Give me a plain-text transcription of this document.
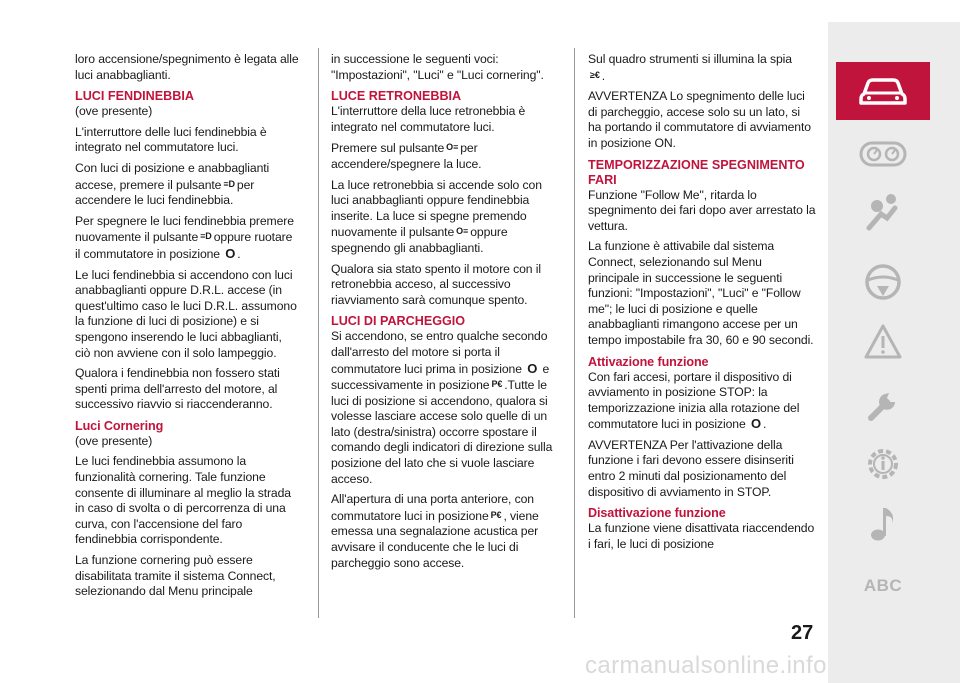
loro accensione/spegnimento è legata alle luci anabbaglianti.

LUCI FENDINEBBIA

(ove presente)

L'interruttore delle luci fendinebbia è integrato nel commutatore luci.

Con luci di posizione e anabbaglianti accese, premere il pulsante ≡D per accendere le luci fendinebbia.

Per spegnere le luci fendinebbia premere nuovamente il pulsante ≡D oppure ruotare il commutatore in posizione O .

Le luci fendinebbia si accendono con luci anabbaglianti oppure D.R.L. accese (in quest'ultimo caso le luci D.R.L. assumono la funzione di luci di posizione) e si spengono inserendo le luci abbaglianti, ciò non avviene con il solo lampeggio.

Qualora i fendinebbia non fossero stati spenti prima dell'arresto del motore, al successivo riavvio si riaccenderanno.

Luci Cornering

(ove presente)

Le luci fendinebbia assumono la funzionalità cornering. Tale funzione consente di illuminare al meglio la strada in caso di svolta o di percorrenza di una curva, con l'accensione del faro fendinebbia corrispondente.

La funzione cornering può essere disabilitata tramite il sistema Connect, selezionando dal Menu principale

in successione le seguenti voci: "Impostazioni", "Luci" e "Luci cornering".

LUCE RETRONEBBIA

L'interruttore della luce retronebbia è integrato nel commutatore luci.

Premere sul pulsante O≡ per accendere/spegnere la luce.

La luce retronebbia si accende solo con luci anabbaglianti oppure fendinebbia inserite. La luce si spegne premendo nuovamente il pulsante O≡ oppure spegnendo gli anabbaglianti.

Qualora sia stato spento il motore con il retronebbia acceso, al successivo riavviamento sarà comunque spento.

LUCI DI PARCHEGGIO

Si accendono, se entro qualche secondo dall'arresto del motore si porta il commutatore luci prima in posizione O e successivamente in posizione P€ .Tutte le luci di posizione si accendono, qualora si volesse lasciare accese solo quelle di un lato (destra/sinistra) occorre spostare il comando degli indicatori di direzione sulla posizione del lato che si vuole lasciare acceso.

All'apertura di una porta anteriore, con commutatore luci in posizione P€ , viene emessa una segnalazione acustica per avvisare il conducente che le luci di parcheggio sono accese.

Sul quadro strumenti si illumina la spia
≥€ .

AVVERTENZA Lo spegnimento delle luci di parcheggio, accese solo su un lato, si ha portando il commutatore di avviamento in posizione ON.

TEMPORIZZAZIONE SPEGNIMENTO FARI

Funzione "Follow Me", ritarda lo spegnimento dei fari dopo aver arrestato la vettura.

La funzione è attivabile dal sistema Connect, selezionando sul Menu principale in successione le seguenti funzioni: "Impostazioni", "Luci" e "Follow me"; le luci di posizione e quelle anabbaglianti rimangono accese per un tempo impostabile fra 30, 60 e 90 secondi.

Attivazione funzione

Con fari accesi, portare il dispositivo di avviamento in posizione STOP: la temporizzazione inizia alla rotazione del commutatore luci in posizione O .

AVVERTENZA Per l'attivazione della funzione i fari devono essere disinseriti entro 2 minuti dal posizionamento del dispositivo di avviamento in STOP.

Disattivazione funzione

La funzione viene disattivata riaccendendo i fari, le luci di posizione

ABC
27
carmanualsonline.info
